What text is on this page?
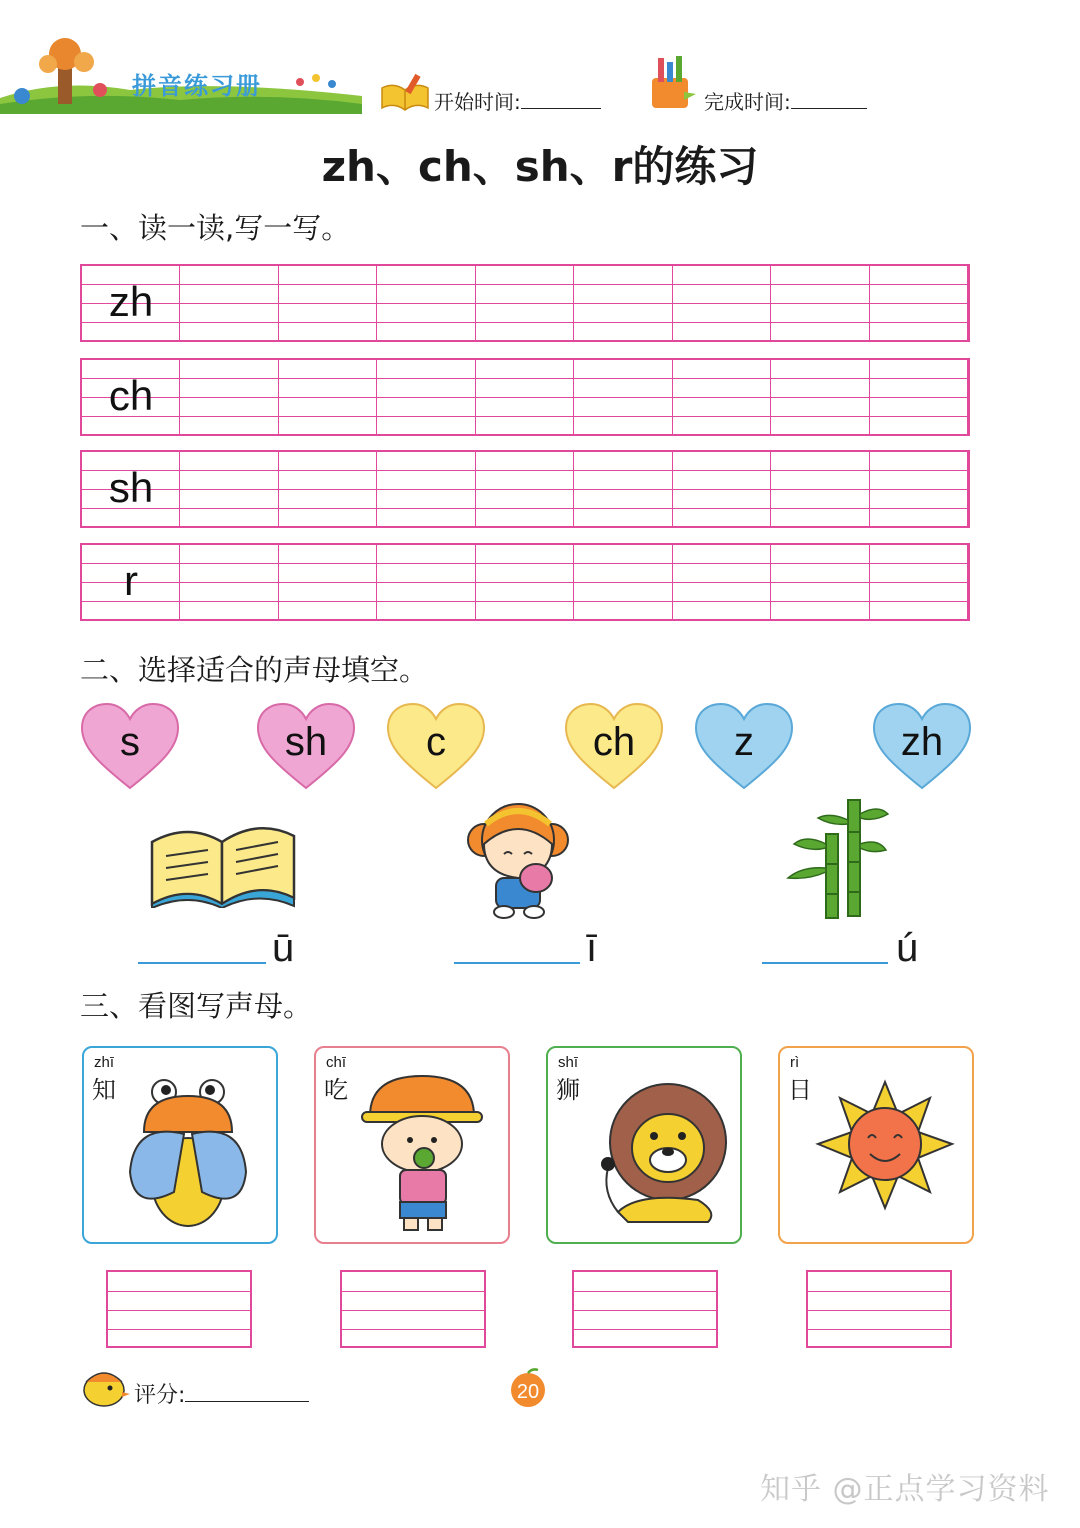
拼音练习册
开始时间:	完成时间:
zh、ch、sh、r的练习
一、读一读,写一写。
zh
ch
sh
r
二、选择适合的声母填空。
s	sh	c	ch	z	zh
ū	ī	ú
三、看图写声母。
zhī
知
chī
吃
shī
狮
rì
日
评分:	20
知乎 @正点学习资料
